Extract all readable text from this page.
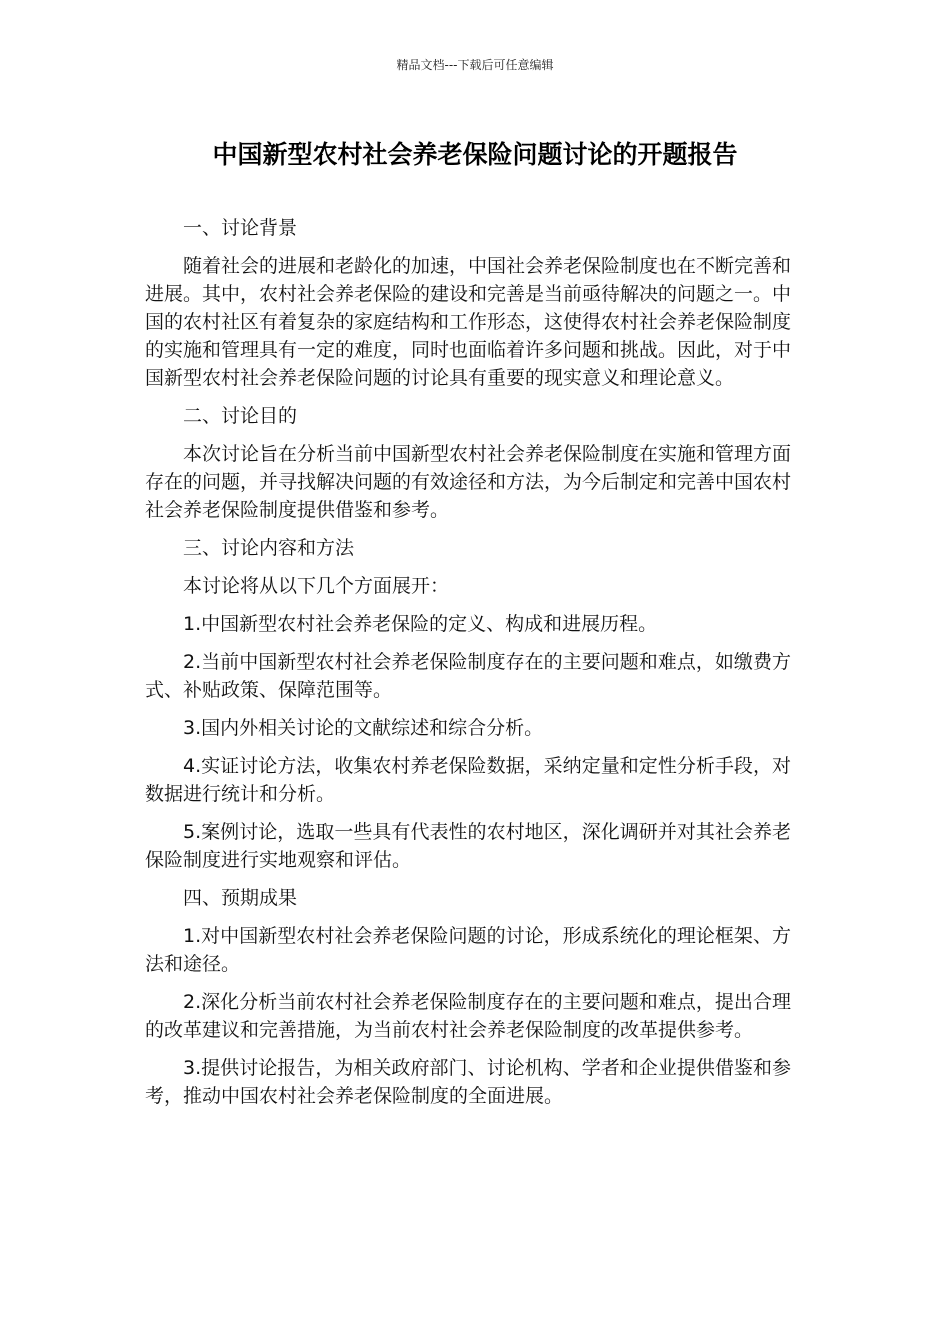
精品文档---下载后可任意编辑
中国新型农村社会养老保险问题讨论的开题报告

一、讨论背景

随着社会的进展和老龄化的加速，中国社会养老保险制度也在不断完善和进展。其中，农村社会养老保险的建设和完善是当前亟待解决的问题之一。中国的农村社区有着复杂的家庭结构和工作形态，这使得农村社会养老保险制度的实施和管理具有一定的难度，同时也面临着许多问题和挑战。因此，对于中国新型农村社会养老保险问题的讨论具有重要的现实意义和理论意义。

二、讨论目的

本次讨论旨在分析当前中国新型农村社会养老保险制度在实施和管理方面存在的问题，并寻找解决问题的有效途径和方法，为今后制定和完善中国农村社会养老保险制度提供借鉴和参考。

三、讨论内容和方法

本讨论将从以下几个方面展开：

1.中国新型农村社会养老保险的定义、构成和进展历程。

2.当前中国新型农村社会养老保险制度存在的主要问题和难点，如缴费方式、补贴政策、保障范围等。

3.国内外相关讨论的文献综述和综合分析。

4.实证讨论方法，收集农村养老保险数据，采纳定量和定性分析手段，对数据进行统计和分析。

5.案例讨论，选取一些具有代表性的农村地区，深化调研并对其社会养老保险制度进行实地观察和评估。

四、预期成果

1.对中国新型农村社会养老保险问题的讨论，形成系统化的理论框架、方法和途径。

2.深化分析当前农村社会养老保险制度存在的主要问题和难点，提出合理的改革建议和完善措施，为当前农村社会养老保险制度的改革提供参考。

3.提供讨论报告，为相关政府部门、讨论机构、学者和企业提供借鉴和参考，推动中国农村社会养老保险制度的全面进展。
